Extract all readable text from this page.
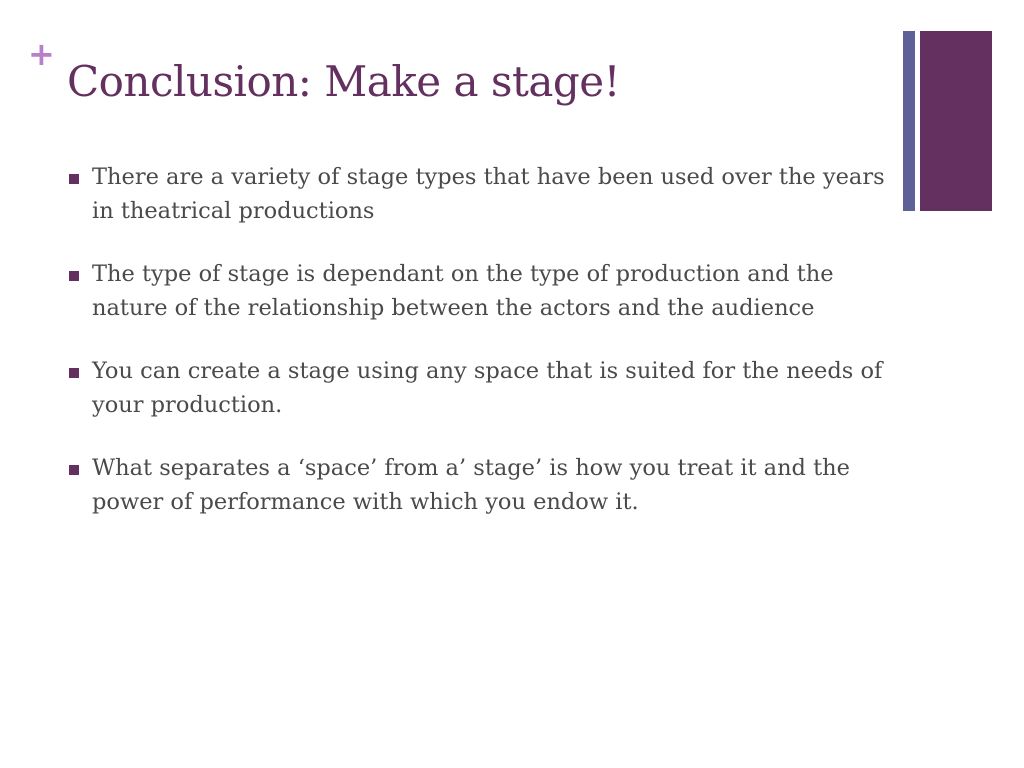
+
Conclusion: Make a stage!
There are a variety of stage types that have been used over the years in theatrical productions
The type of stage is dependant on the type of production and the nature of the relationship between the actors and the audience
You can create a stage using any space that is suited for the needs of your production.
What separates a ‘space’ from a’ stage’ is how you treat it and the power of performance with which you endow it.
